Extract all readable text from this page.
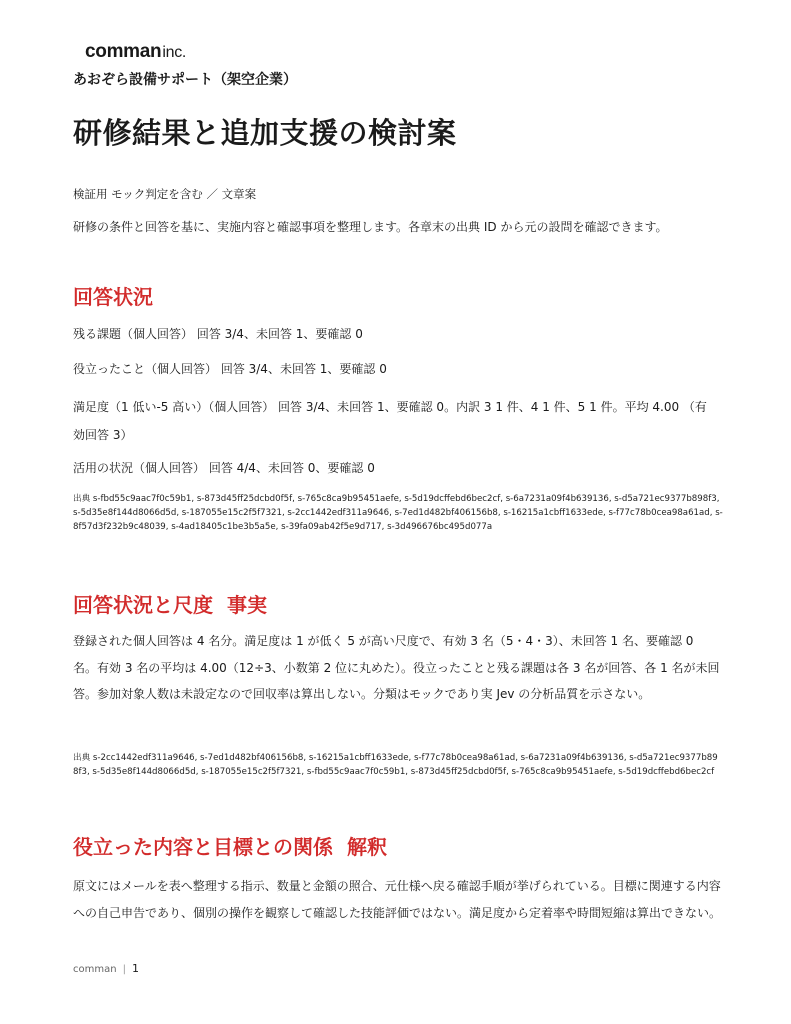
commaninc.
あおぞら設備サポート（架空企業）
研修結果と追加支援の検討案
検証用 モック判定を含む ／ 文章案
研修の条件と回答を基に、実施内容と確認事項を整理します。各章末の出典 ID から元の設問を確認できます。
回答状況
残る課題（個人回答） 回答 3/4、未回答 1、要確認 0
役立ったこと（個人回答） 回答 3/4、未回答 1、要確認 0
満足度（1 低い-5 高い）（個人回答） 回答 3/4、未回答 1、要確認 0。内訳 3 1 件、4 1 件、5 1 件。平均 4.00 （有効回答 3）
活用の状況（個人回答） 回答 4/4、未回答 0、要確認 0
出典 s-fbd55c9aac7f0c59b1, s-873d45ff25dcbd0f5f, s-765c8ca9b95451aefe, s-5d19dcffebd6bec2cf, s-6a7231a09f4b639136, s-d5a721ec9377b898f3, s-5d35e8f144d8066d5d, s-187055e15c2f5f7321, s-2cc1442edf311a9646, s-7ed1d482bf406156b8, s-16215a1cbff1633ede, s-f77c78b0cea98a61ad, s-8f57d3f232b9c48039, s-4ad18405c1be3b5a5e, s-39fa09ab42f5e9d717, s-3d496676bc495d077a
回答状況と尺度 事実
登録された個人回答は 4 名分。満足度は 1 が低く 5 が高い尺度で、有効 3 名（5・4・3）、未回答 1 名、要確認 0 名。有効 3 名の平均は 4.00（12÷3、小数第 2 位に丸めた）。役立ったことと残る課題は各 3 名が回答、各 1 名が未回答。参加対象人数は未設定なので回収率は算出しない。分類はモックであり実 Jev の分析品質を示さない。
出典 s-2cc1442edf311a9646, s-7ed1d482bf406156b8, s-16215a1cbff1633ede, s-f77c78b0cea98a61ad, s-6a7231a09f4b639136, s-d5a721ec9377b898f3, s-5d35e8f144d8066d5d, s-187055e15c2f5f7321, s-fbd55c9aac7f0c59b1, s-873d45ff25dcbd0f5f, s-765c8ca9b95451aefe, s-5d19dcffebd6bec2cf
役立った内容と目標との関係 解釈
原文にはメールを表へ整理する指示、数量と金額の照合、元仕様へ戻る確認手順が挙げられている。目標に関連する内容への自己申告であり、個別の操作を観察して確認した技能評価ではない。満足度から定着率や時間短縮は算出できない。
comman | 1
